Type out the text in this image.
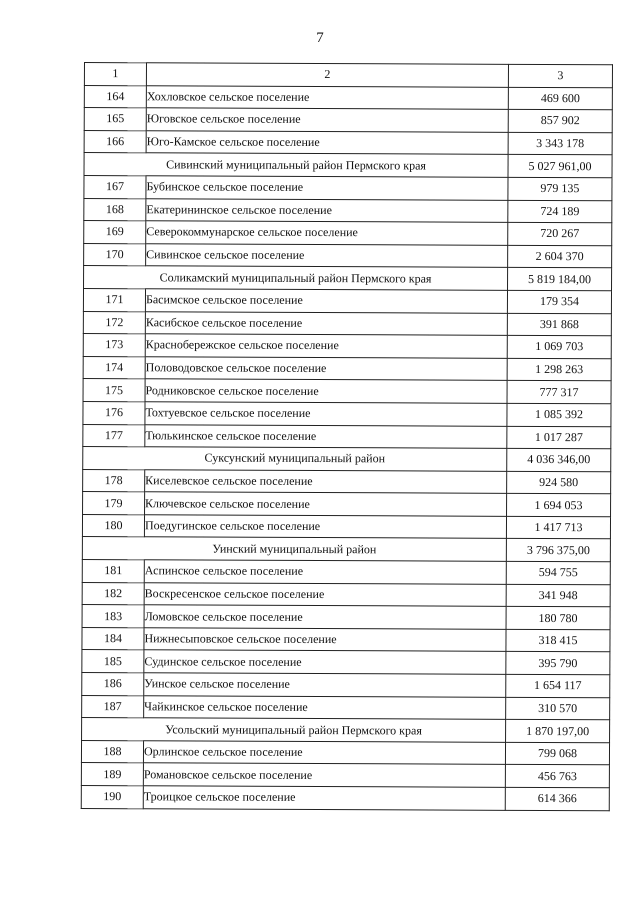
7
1	2	3
164	Хохловское сельское поселение	469 600
165	Юговское сельское поселение	857 902
166	Юго-Камское сельское поселение	3 343 178
Сивинский муниципальный район Пермского края		5 027 961,00
167	Бубинское сельское поселение	979 135
168	Екатерининское сельское поселение	724 189
169	Северокоммунарское сельское поселение	720 267
170	Сивинское сельское поселение	2 604 370
Соликамский муниципальный район Пермского края		5 819 184,00
171	Басимское сельское поселение	179 354
172	Касибское сельское поселение	391 868
173	Краснобережское сельское поселение	1 069 703
174	Половодовское сельское поселение	1 298 263
175	Родниковское сельское поселение	777 317
176	Тохтуевское сельское поселение	1 085 392
177	Тюлькинское сельское поселение	1 017 287
Суксунский муниципальный район		4 036 346,00
178	Киселевское сельское поселение	924 580
179	Ключевское сельское поселение	1 694 053
180	Поедугинское сельское поселение	1 417 713
Уинский муниципальный район		3 796 375,00
181	Аспинское сельское поселение	594 755
182	Воскресенское сельское поселение	341 948
183	Ломовское сельское поселение	180 780
184	Нижнесыповское сельское поселение	318 415
185	Судинское сельское поселение	395 790
186	Уинское сельское поселение	1 654 117
187	Чайкинское сельское поселение	310 570
Усольский муниципальный район Пермского края		1 870 197,00
188	Орлинское сельское поселение	799 068
189	Романовское сельское поселение	456 763
190	Троицкое сельское поселение	614 366
